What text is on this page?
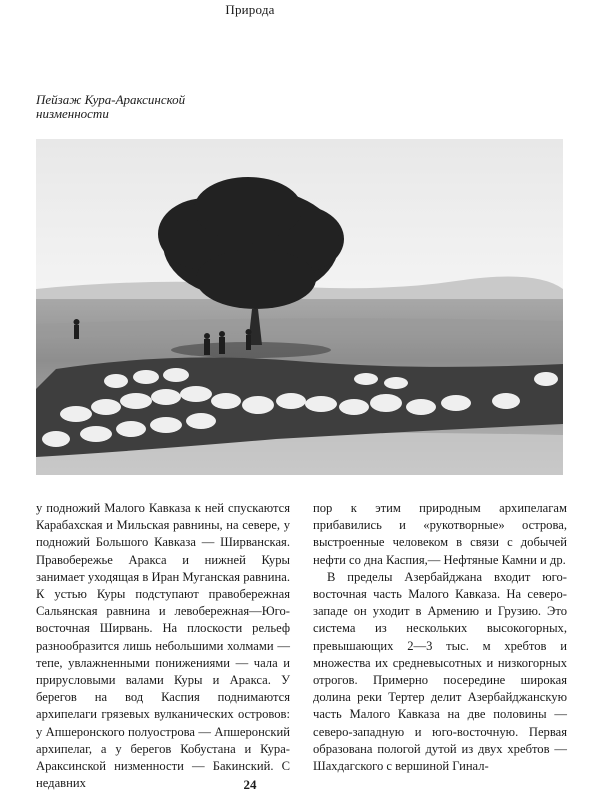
Природа
Пейзаж Кура-Араксинской
низменности

у подножий Малого Кавказа к ней спускаются Карабахская и Мильская равнины, на севере, у подножий Большого Кавказа — Ширванская. Правобережье Аракса и нижней Куры занимает уходящая в Иран Муганская равнина. К устью Куры подступают правобережная Сальянская равнина и левобережная—Юго-восточная Ширвань. На плоскости рельеф разнообразится лишь небольшими холмами — тепе, увлажненными понижениями — чала и прирусловыми валами Куры и Аракса. У берегов на вод Каспия поднимаются архипелаги грязевых вулканических островов: у Апшеронского полуострова — Апшеронский архипелаг, а у берегов Кобустана и Кура-Араксинской низменности — Бакинский. С недавних

пор к этим природным архипелагам прибавились и «рукотворные» острова, выстроенные человеком в связи с добычей нефти со дна Каспия,— Нефтяные Камни и др.

В пределы Азербайджана входит юго-восточная часть Малого Кавказа. На северо-западе он уходит в Армению и Грузию. Это система из нескольких высокогорных, превышающих 2—3 тыс. м хребтов и множества их средневысотных и низкогорных отрогов. Примерно посередине широкая долина реки Тертер делит Азербайджанскую часть Малого Кавказа на две половины — северо-западную и юго-восточную. Первая образована пологой дутой из двух хребтов — Шахдагского с вершиной Гинал-

24
